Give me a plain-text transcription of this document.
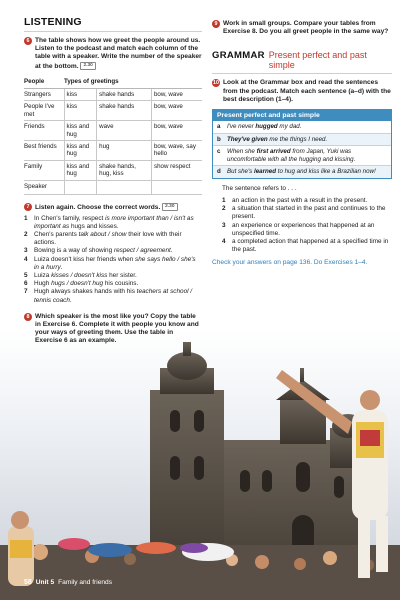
LISTENING
6 The table shows how we greet the people around us. Listen to the podcast and match each column of the table with a speaker. Write the number of the speaker at the bottom. 2.30
People	Types of greetings		
Strangers	kiss	shake hands	bow, wave
People I've met	kiss	shake hands	bow, wave
Friends	kiss and hug	wave	bow, wave
Best friends	kiss and hug	hug	bow, wave, say hello
Family	kiss and hug	shake hands, hug, kiss	show respect
Speaker			
7 Listen again. Choose the correct words. 2.30
1	In Chen's family, respect is more important than / isn't as important as hugs and kisses.
2	Chen's parents talk about / show their love with their actions.
3	Bowing is a way of showing respect / agreement.
4	Luiza doesn't kiss her friends when she says hello / she's in a hurry.
5	Luiza kisses / doesn't kiss her sister.
6	Hugh hugs / doesn't hug his cousins.
7	Hugh always shakes hands with his teachers at school / tennis coach.
8 Which speaker is the most like you? Copy the table in Exercise 6. Complete it with people you know and your ways of greeting them. Use the table in Exercise 6 as an example.
9 Work in small groups. Compare your tables from Exercise 8. Do you all greet people in the same way?
GRAMMAR Present perfect and past simple
10 Look at the Grammar box and read the sentences from the podcast. Match each sentence (a–d) with the best description (1–4).
Present perfect and past simple
a	I've never hugged my dad.
b	They've given me the things I need.
c	When she first arrived from Japan, Yuki was uncomfortable with all the hugging and kissing.
d	But she's learned to hug and kiss like a Brazilian now!
The sentence refers to . . .
1	an action in the past with a result in the present.
2	a situation that started in the past and continues to the present.
3	an experience or experiences that happened at an unspecified time.
4	a completed action that happened at a specified time in the past.
Check your answers on page 136. Do Exercises 1–4.
58 Unit 5 Family and friends
